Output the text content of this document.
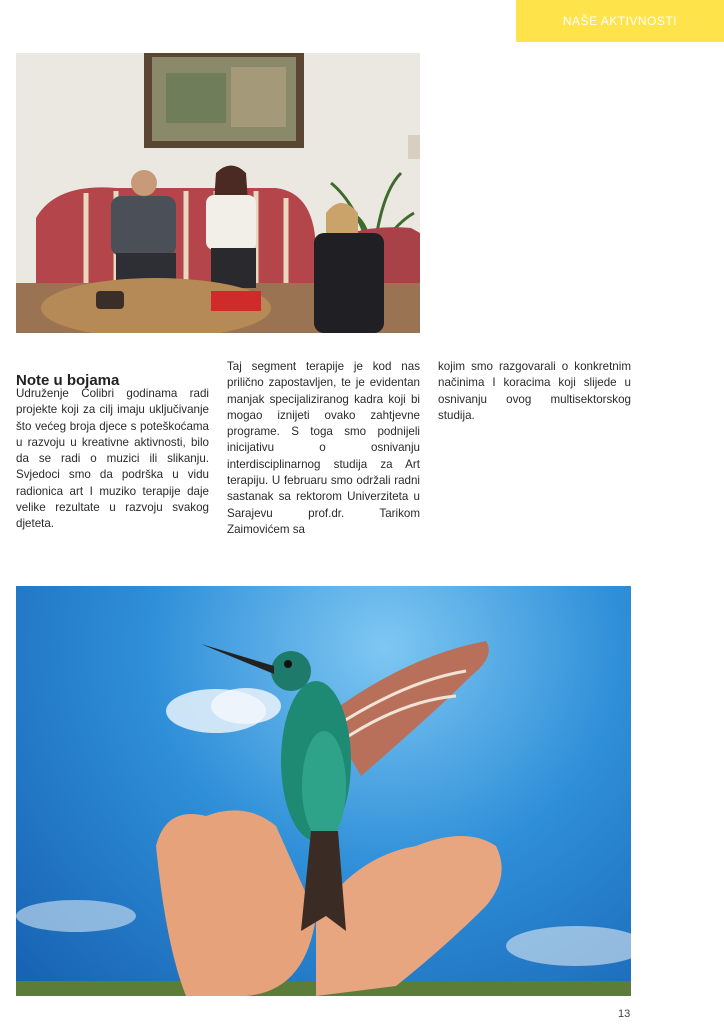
NAŠE AKTIVNOSTI
Note u bojama

Udruženje Colibri godinama radi projekte koji za cilj imaju uključivanje što većeg broja djece s poteškoćama u razvoju u kreativne aktivnosti, bilo da se radi o muzici ili slikanju. Svjedoci smo da podrška u vidu radionica art I muziko terapije daje velike rezultate u razvoju svakog djeteta.

Taj segment terapije je kod nas prilično zapostavljen, te je evidentan manjak specijaliziranog kadra koji bi mogao iznijeti ovako zahtjevne programe. S toga smo podnijeli inicijativu o osnivanju interdisciplinarnog studija za Art terapiju. U februaru smo održali radni sastanak sa rektorom Univerziteta u Sarajevu prof.dr. Tarikom Zaimovićem sa

kojim smo razgovarali o konkretnim načinima I koracima koji slijede u osnivanju ovog multisektorskog studija.

13
